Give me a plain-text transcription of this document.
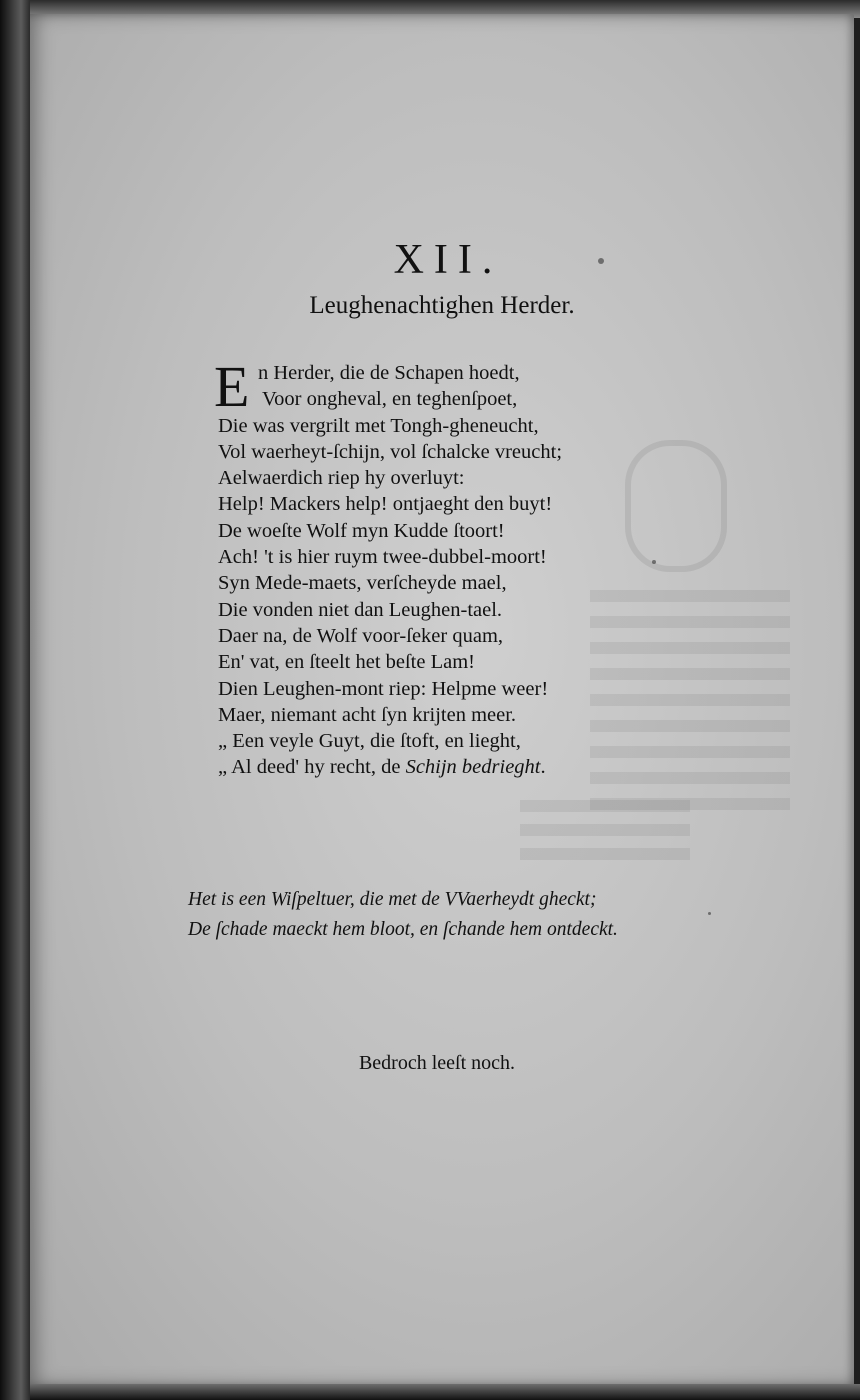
XII.
Leughenachtighen Herder.
E n Herder, die de Schapen hoedt,
Voor ongheval, en teghenſpoet,
Die was vergrilt met Tongh-gheneucht,
Vol waerheyt-ſchijn, vol ſchalcke vreucht;
Aelwaerdich riep hy overluyt:
Help! Mackers help! ontjaeght den buyt!
De woeſte Wolf myn Kudde ſtoort!
Ach! 't is hier ruym twee-dubbel-moort!
Syn Mede-maets, verſcheyde mael,
Die vonden niet dan Leughen-tael.
Daer na, de Wolf voor-ſeker quam,
En' vat, en ſteelt het beſte Lam!
Dien Leughen-mont riep: Helpme weer!
Maer, niemant acht ſyn krijten meer.
„ Een veyle Guyt, die ſtoft, en lieght,
„ Al deed' hy recht, de Schijn bedrieght.
Het is een Wiſpeltuer, die met de VVaerheydt gheckt;
De ſchade maeckt hem bloot, en ſchande hem ontdeckt.
Bedroch leeſt noch.
